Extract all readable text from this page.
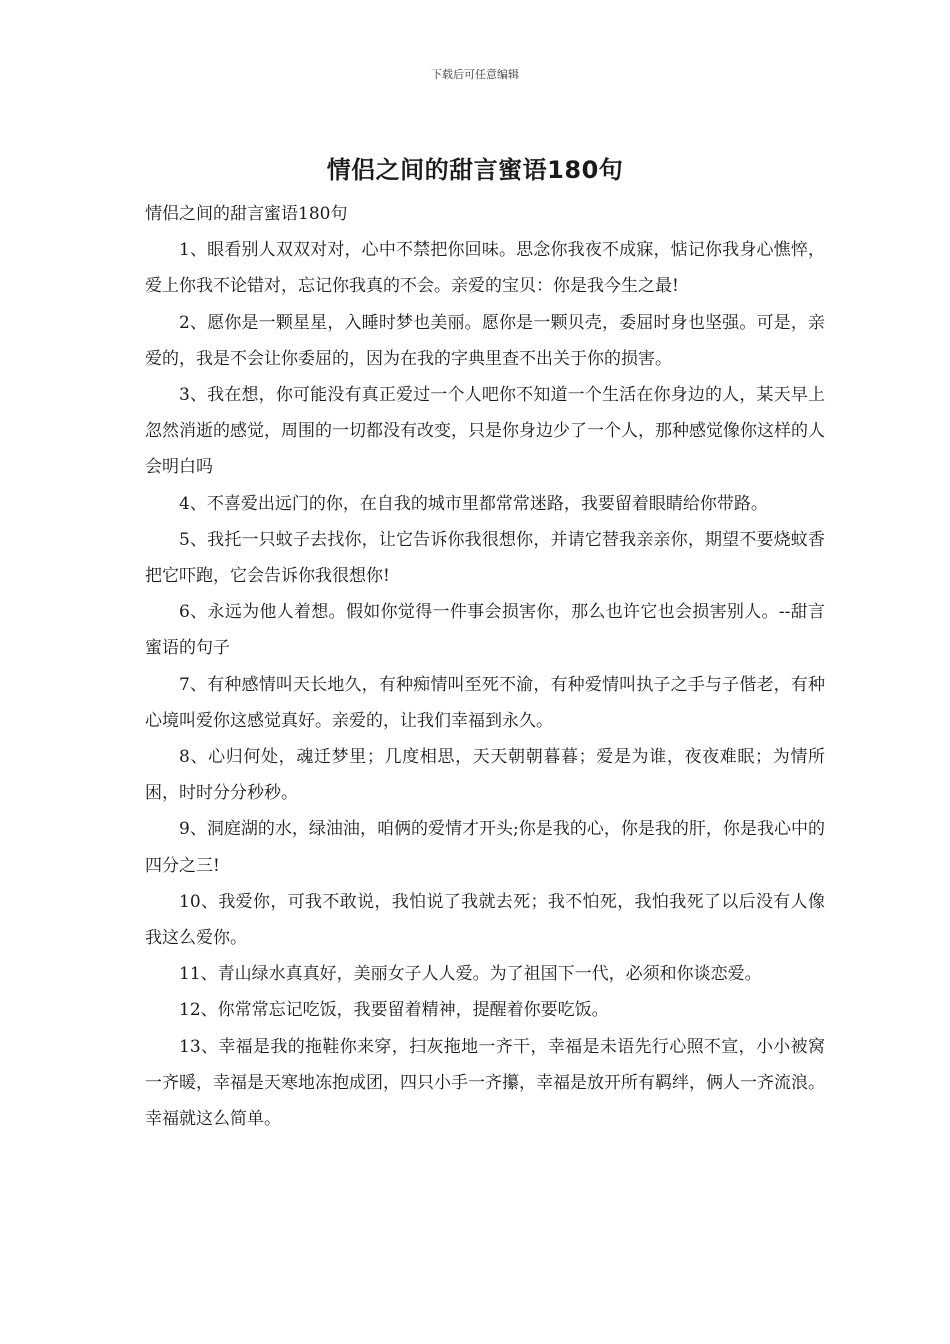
下载后可任意编辑
情侣之间的甜言蜜语180句

情侣之间的甜言蜜语180句

1、眼看别人双双对对，心中不禁把你回味。思念你我夜不成寐，惦记你我身心憔悴，爱上你我不论错对，忘记你我真的不会。亲爱的宝贝：你是我今生之最!

2、愿你是一颗星星，入睡时梦也美丽。愿你是一颗贝壳，委屈时身也坚强。可是，亲爱的，我是不会让你委屈的，因为在我的字典里查不出关于你的损害。

3、我在想，你可能没有真正爱过一个人吧你不知道一个生活在你身边的人，某天早上忽然消逝的感觉，周围的一切都没有改变，只是你身边少了一个人，那种感觉像你这样的人会明白吗

4、不喜爱出远门的你，在自我的城市里都常常迷路，我要留着眼睛给你带路。

5、我托一只蚊子去找你，让它告诉你我很想你，并请它替我亲亲你，期望不要烧蚊香把它吓跑，它会告诉你我很想你!

6、永远为他人着想。假如你觉得一件事会损害你，那么也许它也会损害别人。--甜言蜜语的句子

7、有种感情叫天长地久，有种痴情叫至死不渝，有种爱情叫执子之手与子偕老，有种心境叫爱你这感觉真好。亲爱的，让我们幸福到永久。

8、心归何处，魂迁梦里；几度相思，天天朝朝暮暮；爱是为谁，夜夜难眠；为情所困，时时分分秒秒。

9、洞庭湖的水，绿油油，咱俩的爱情才开头;你是我的心，你是我的肝，你是我心中的四分之三!

10、我爱你，可我不敢说，我怕说了我就去死；我不怕死，我怕我死了以后没有人像我这么爱你。

11、青山绿水真真好，美丽女子人人爱。为了祖国下一代，必须和你谈恋爱。

12、你常常忘记吃饭，我要留着精神，提醒着你要吃饭。

13、幸福是我的拖鞋你来穿，扫灰拖地一齐干，幸福是未语先行心照不宣，小小被窝一齐暖，幸福是天寒地冻抱成团，四只小手一齐攥，幸福是放开所有羁绊，俩人一齐流浪。幸福就这么简单。
